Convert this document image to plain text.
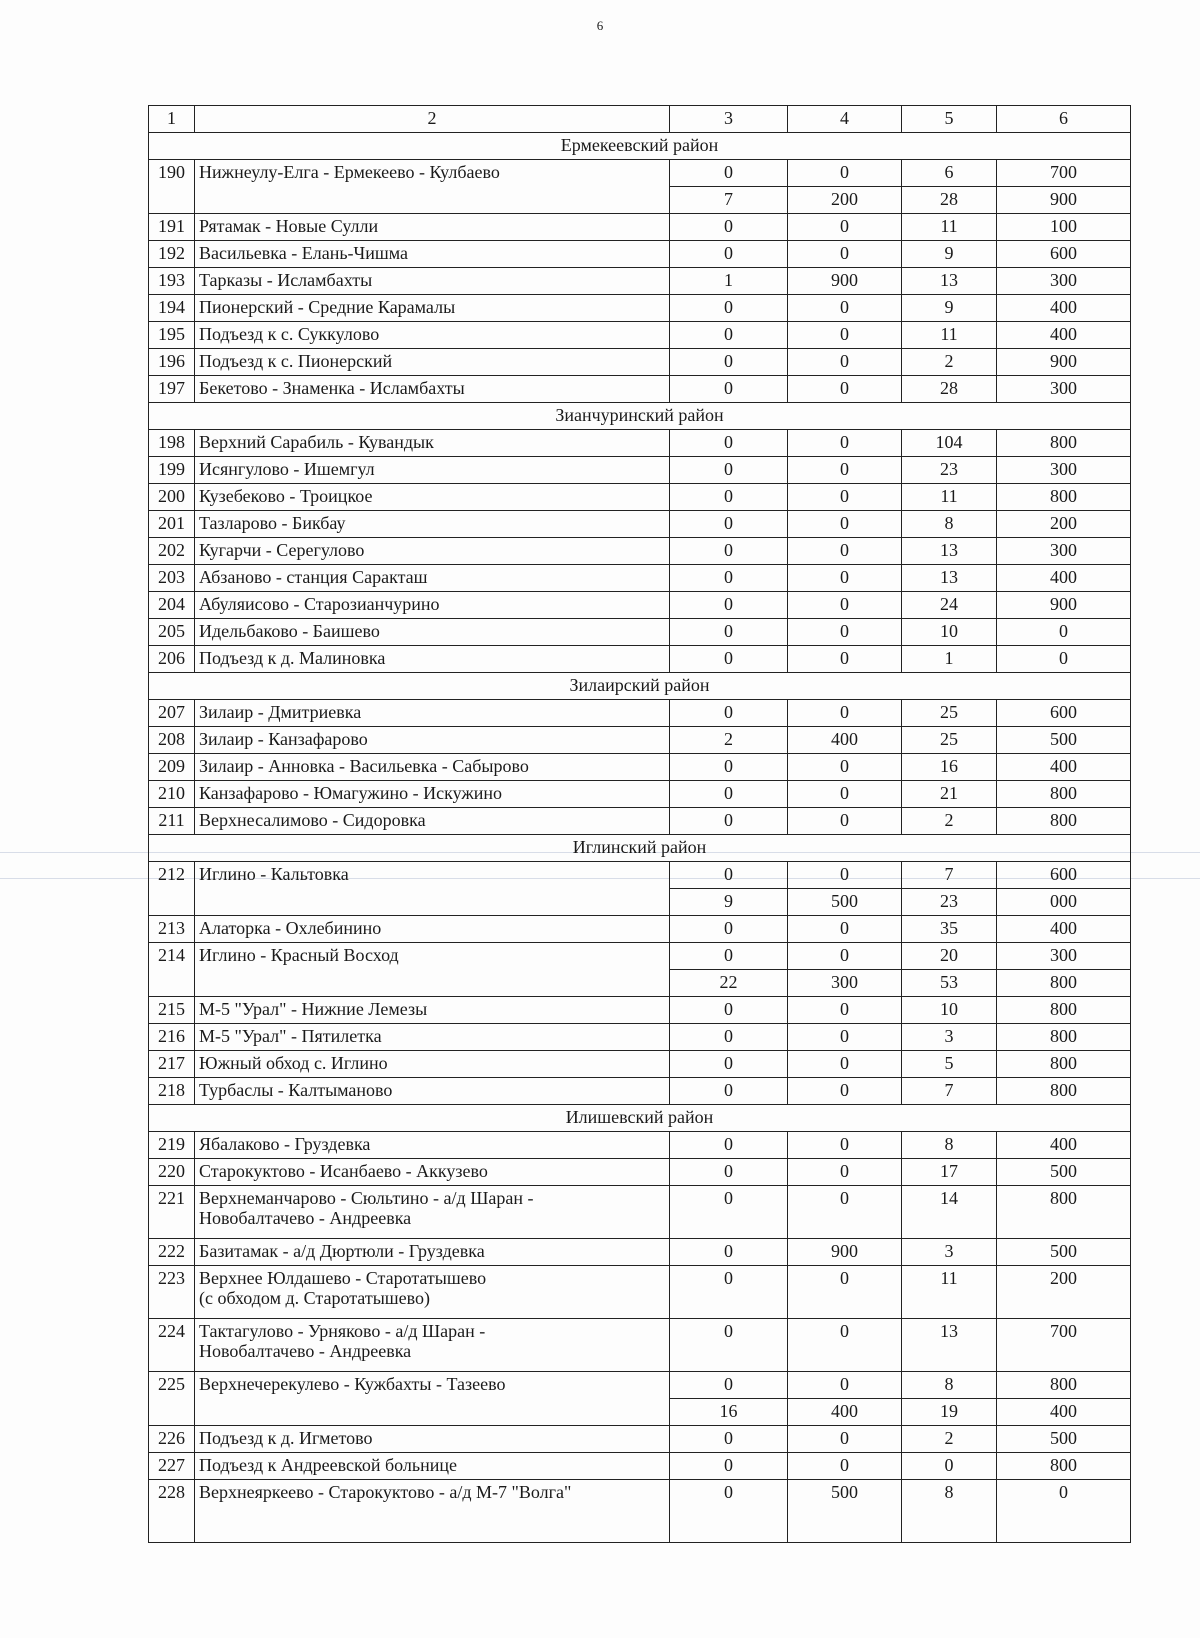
6
1	2	3	4	5	6
Ермекеевский район					
190	Нижнеулу-Елга - Ермекеево - Кулбаево	0	0	6	700
		7	200	28	900
191	Рятамак - Новые Сулли	0	0	11	100
192	Васильевка - Елань-Чишма	0	0	9	600
193	Тарказы - Исламбахты	1	900	13	300
194	Пионерский - Средние Карамалы	0	0	9	400
195	Подъезд к с. Суккулово	0	0	11	400
196	Подъезд к с. Пионерский	0	0	2	900
197	Бекетово - Знаменка - Исламбахты	0	0	28	300
Зианчуринский район					
198	Верхний Сарабиль - Кувандык	0	0	104	800
199	Исянгулово - Ишемгул	0	0	23	300
200	Кузебеково - Троицкое	0	0	11	800
201	Тазларово - Бикбау	0	0	8	200
202	Кугарчи - Серегулово	0	0	13	300
203	Абзаново - станция Саракташ	0	0	13	400
204	Абуляисово - Старозианчурино	0	0	24	900
205	Идельбаково - Баишево	0	0	10	0
206	Подъезд к д. Малиновка	0	0	1	0
Зилаирский район					
207	Зилаир - Дмитриевка	0	0	25	600
208	Зилаир - Канзафарово	2	400	25	500
209	Зилаир - Анновка - Васильевка - Сабырово	0	0	16	400
210	Канзафарово - Юмагужино - Искужино	0	0	21	800
211	Верхнесалимово - Сидоровка	0	0	2	800
Иглинский район					
212	Иглино - Кальтовка	0	0	7	600
		9	500	23	000
213	Алаторка - Охлебинино	0	0	35	400
214	Иглино - Красный Восход	0	0	20	300
		22	300	53	800
215	М-5 "Урал" - Нижние Лемезы	0	0	10	800
216	М-5 "Урал" - Пятилетка	0	0	3	800
217	Южный обход с. Иглино	0	0	5	800
218	Турбаслы - Калтыманово	0	0	7	800
Илишевский район					
219	Ябалаково - Груздевка	0	0	8	400
220	Старокуктово - Исанбаево - Аккузево	0	0	17	500
221	Верхнеманчарово - Сюльтино - а/д Шаран -
Новобалтачево - Андреевка	0	0	14	800
222	Базитамак - а/д Дюртюли - Груздевка	0	900	3	500
223	Верхнее Юлдашево - Старотатышево
(с обходом д. Старотатышево)	0	0	11	200
224	Тактагулово - Урняково - а/д Шаран -
Новобалтачево - Андреевка	0	0	13	700
225	Верхнечерекулево - Кужбахты - Тазеево	0	0	8	800
		16	400	19	400
226	Подъезд к д. Игметово	0	0	2	500
227	Подъезд к Андреевской больнице	0	0	0	800
228	Верхнеяркеево - Старокуктово - а/д М-7 "Волга"	0	500	8	0
